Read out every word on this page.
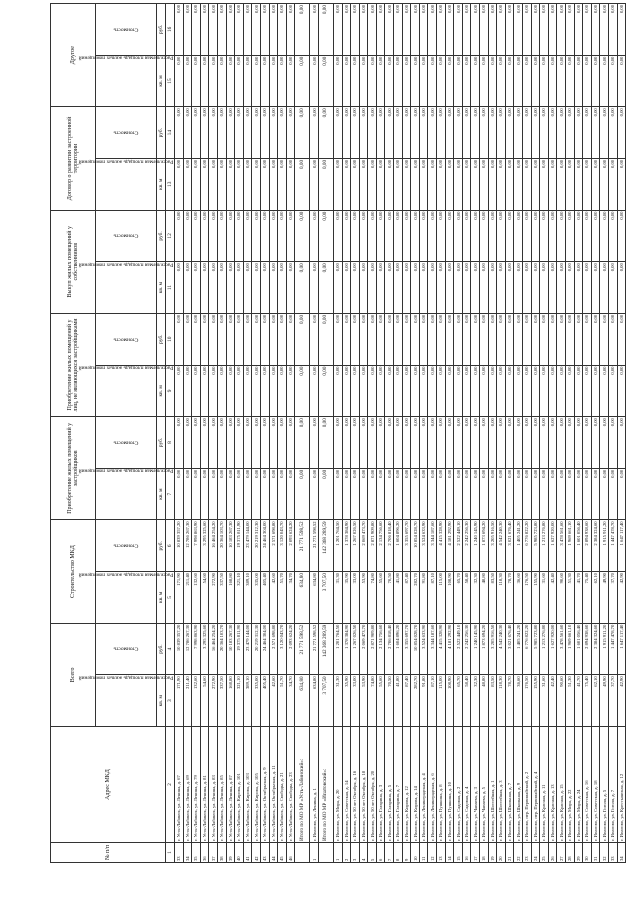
№ п/п	Адрес МКД	Всего		Строительство МКД		Приобретение жилых помещений у застройщиков		Приобретение жилых помещений у лиц, не являющихся застройщиками		Выкуп жилых помещений у собственников		Договор о развитии застроенной территории		Другое	
		Расселяемая площадь жилых помещений	Стоимость	Расселяемая площадь жилых помещений	Стоимость	Расселяемая площадь жилых помещений	Стоимость	Расселяемая площадь жилых помещений	Стоимость	Расселяемая площадь жилых помещений	Стоимость	Расселяемая площадь жилых помещений	Стоимость	Расселяемая площадь жилых помещений	Стоимость
		кв. м	руб.	кв. м	руб.	кв. м	руб.	кв. м	руб.	кв. м	руб.	кв. м	руб.	кв. м	руб.
1	2	3	4	5	6	7	8	9	10	11	12	13	14	15	16
33	г. Усть-Лабинск, ул. Ленина, д. 67	171,90	10 839 357,20	171,90	10 839 357,20	0,00	0,00	0,00	0,00	0,00	0,00	0,00	0,00	0,00	0,00
34	г. Усть-Лабинск, ул. Ленина, д. 69	211,40	12 786 267,30	211,40	12 786 267,30	0,00	0,00	0,00	0,00	0,00	0,00	0,00	0,00	0,00	0,00
35	г. Усть-Лабинск, ул. Ленина, д. 79	132,60	7 998 863,90	132,60	7 998 863,90	0,00	0,00	0,00	0,00	0,00	0,00	0,00	0,00	0,00	0,00
36	г. Усть-Лабинск, ул. Ленина, д. 81	54,60	3 295 325,60	54,60	3 295 325,60	0,00	0,00	0,00	0,00	0,00	0,00	0,00	0,00	0,00	0,00
37	г. Усть-Лабинск, ул. Ленина, д. 83	272,90	16 464 254,20	272,90	16 464 254,20	0,00	0,00	0,00	0,00	0,00	0,00	0,00	0,00	0,00	0,00
38	г. Усть-Лабинск, ул. Ленина, д. 85	337,50	20 364 103,70	337,50	20 364 103,70	0,00	0,00	0,00	0,00	0,00	0,00	0,00	0,00	0,00	0,00
39	г. Усть-Лабинск, ул. Ленина, д. 87	168,80	10 183 267,30	168,80	10 183 267,30	0,00	0,00	0,00	0,00	0,00	0,00	0,00	0,00	0,00	0,00
40	г. Усть-Лабинск, ул. Кирова, д. 101	321,10	19 375 811,90	321,10	19 375 811,90	0,00	0,00	0,00	0,00	0,00	0,00	0,00	0,00	0,00	0,00
41	г. Усть-Лабинск, ул. Кирова, д. 103	389,10	23 479 144,00	389,10	23 479 144,00	0,00	0,00	0,00	0,00	0,00	0,00	0,00	0,00	0,00	0,00
42	г. Усть-Лабинск, ул. Кирова, д. 105	335,00	20 219 312,30	335,00	20 219 312,30	0,00	0,00	0,00	0,00	0,00	0,00	0,00	0,00	0,00	0,00
43	г. Усть-Лабинск, ул. Октябрьская, д. 9	405,40	24 464 304,00	405,40	24 464 304,00	0,00	0,00	0,00	0,00	0,00	0,00	0,00	0,00	0,00	0,00
44	г. Усть-Лабинск, ул. Октябрьская, д. 11	42,60	2 571 698,80	42,60	2 571 698,80	0,00	0,00	0,00	0,00	0,00	0,00	0,00	0,00	0,00	0,00
45	г. Усть-Лабинск, ул. Свободы, д. 21	51,70	3 120 043,70	51,70	3 120 043,70	0,00	0,00	0,00	0,00	0,00	0,00	0,00	0,00	0,00	0,00
46	г. Усть-Лабинск, ул. Свободы, д. 23	34,70	2 093 624,20	34,70	2 093 624,20	0,00	0,00	0,00	0,00	0,00	0,00	0,00	0,00	0,00	0,00
	Итого по МО МР «Усть-Лабинский»:	634,80	21 771 598,52	634,80	21 771 598,52	0,00	0,00	0,00	0,00	0,00	0,00	0,00	0,00	0,00	0,00
1	г. Ипатово, ул. Ленина, д. 1	634,80	21 771 598,52	634,80	21 771 598,52	0,00	0,00	0,00	0,00	0,00	0,00	0,00	0,00	0,00	0,00
	Итого по МО МР «Ипатовский»:	3 707,50	142 368 289,59	3 707,50	142 368 289,59	0,00	0,00	0,00	0,00	0,00	0,00	0,00	0,00	0,00	0,00
1	г. Ипатово, ул. Мира, д. 20	31,30	1 201 764,50	31,30	1 201 764,50	0,00	0,00	0,00	0,00	0,00	0,00	0,00	0,00	0,00	0,00
2	г. Ипатово, ул. Советская, д. 14	35,90	1 378 384,90	35,90	1 378 384,90	0,00	0,00	0,00	0,00	0,00	0,00	0,00	0,00	0,00	0,00
3	г. Ипатово, ул. 50 лет Октября, д. 16	33,00	1 267 026,50	33,00	1 267 026,50	0,00	0,00	0,00	0,00	0,00	0,00	0,00	0,00	0,00	0,00
4	г. Ипатово, ул. 50 лет Октября, д. 18	53,90	2 069 473,70	53,90	2 069 473,70	0,00	0,00	0,00	0,00	0,00	0,00	0,00	0,00	0,00	0,00
5	г. Ипатово, ул. 50 лет Октября, д. 20	74,80	2 871 909,80	74,80	2 871 909,80	0,00	0,00	0,00	0,00	0,00	0,00	0,00	0,00	0,00	0,00
6	г. Ипатово, ул. Гагарина, д. 3	55,60	2 134 756,60	55,60	2 134 756,60	0,00	0,00	0,00	0,00	0,00	0,00	0,00	0,00	0,00	0,00
7	г. Ипатово, ул. Гагарина, д. 5	70,50	2 706 818,40	70,50	2 706 818,40	0,00	0,00	0,00	0,00	0,00	0,00	0,00	0,00	0,00	0,00
8	г. Ипатово, ул. Гагарина, д. 7	41,80	1 604 896,20	41,80	1 604 896,20	0,00	0,00	0,00	0,00	0,00	0,00	0,00	0,00	0,00	0,00
9	г. Ипатово, ул. Кирова, д. 12	87,40	3 355 697,70	87,40	3 355 697,70	0,00	0,00	0,00	0,00	0,00	0,00	0,00	0,00	0,00	0,00
10	г. Ипатово, ул. Кирова, д. 14	282,70	10 854 028,70	282,70	10 854 028,70	0,00	0,00	0,00	0,00	0,00	0,00	0,00	0,00	0,00	0,00
11	г. Ипатово, ул. Ленинградская, д. 4	91,80	3 524 633,90	91,80	3 524 633,90	0,00	0,00	0,00	0,00	0,00	0,00	0,00	0,00	0,00	0,00
12	г. Ипатово, ул. Ленинградская, д. 6	87,10	3 344 187,60	87,10	3 344 187,60	0,00	0,00	0,00	0,00	0,00	0,00	0,00	0,00	0,00	0,00
13	г. Ипатово, ул. Пушкина, д. 8	115,00	4 415 328,90	115,00	4 415 328,90	0,00	0,00	0,00	0,00	0,00	0,00	0,00	0,00	0,00	0,00
14	г. Ипатово, ул. Пушкина, д. 10	108,90	4 181 292,90	108,90	4 181 292,90	0,00	0,00	0,00	0,00	0,00	0,00	0,00	0,00	0,00	0,00
15	г. Ипатово, ул. Садовая, д. 2	65,70	2 522 449,10	65,70	2 522 449,10	0,00	0,00	0,00	0,00	0,00	0,00	0,00	0,00	0,00	0,00
16	г. Ипатово, ул. Садовая, д. 4	58,40	2 242 256,30	58,40	2 242 256,30	0,00	0,00	0,00	0,00	0,00	0,00	0,00	0,00	0,00	0,00
17	г. Ипатово, ул. Чапаева, д. 3	32,30	1 240 145,90	32,30	1 240 145,90	0,00	0,00	0,00	0,00	0,00	0,00	0,00	0,00	0,00	0,00
18	г. Ипатово, ул. Чапаева, д. 5	48,80	1 873 694,20	48,80	1 873 694,20	0,00	0,00	0,00	0,00	0,00	0,00	0,00	0,00	0,00	0,00
19	г. Ипатово, ул. Шоссейная, д. 1	83,50	3 205 916,50	83,50	3 205 916,50	0,00	0,00	0,00	0,00	0,00	0,00	0,00	0,00	0,00	0,00
20	г. Ипатово, ул. Шоссейная, д. 3	118,30	4 542 240,30	118,30	4 542 240,30	0,00	0,00	0,00	0,00	0,00	0,00	0,00	0,00	0,00	0,00
21	г. Ипатово, ул. Школьная, д. 7	78,70	3 021 676,40	78,70	3 021 676,40	0,00	0,00	0,00	0,00	0,00	0,00	0,00	0,00	0,00	0,00
22	г. Ипатово, ул. Школьная, д. 9	36,60	1 405 241,20	36,60	1 405 241,20	0,00	0,00	0,00	0,00	0,00	0,00	0,00	0,00	0,00	0,00
23	г. Ипатово, пер. Первомайский, д. 2	176,50	6 776 822,20	176,50	6 776 822,20	0,00	0,00	0,00	0,00	0,00	0,00	0,00	0,00	0,00	0,00
24	г. Ипатово, пер. Первомайский, д. 4	155,90	5 985 723,80	155,90	5 985 723,80	0,00	0,00	0,00	0,00	0,00	0,00	0,00	0,00	0,00	0,00
25	г. Ипатово, ул. Красная, д. 11	31,60	1 213 276,80	31,60	1 213 276,80	0,00	0,00	0,00	0,00	0,00	0,00	0,00	0,00	0,00	0,00
26	г. Ипатово, ул. Красная, д. 13	42,40	1 627 920,00	42,40	1 627 920,00	0,00	0,00	0,00	0,00	0,00	0,00	0,00	0,00	0,00	0,00
27	г. Ипатово, ул. Красная, д. 15	90,60	3 478 561,60	90,60	3 478 561,60	0,00	0,00	0,00	0,00	0,00	0,00	0,00	0,00	0,00	0,00
28	г. Ипатово, ул. Мира, д. 22	51,30	1 969 661,10	51,30	1 969 661,10	0,00	0,00	0,00	0,00	0,00	0,00	0,00	0,00	0,00	0,00
29	г. Ипатово, ул. Мира, д. 24	41,70	1 601 056,40	41,70	1 601 056,40	0,00	0,00	0,00	0,00	0,00	0,00	0,00	0,00	0,00	0,00
30	г. Ипатово, ул. Советская, д. 16	75,40	2 894 938,60	75,40	2 894 938,60	0,00	0,00	0,00	0,00	0,00	0,00	0,00	0,00	0,00	0,00
31	г. Ипатово, ул. Советская, д. 18	62,10	2 384 324,60	62,10	2 384 324,60	0,00	0,00	0,00	0,00	0,00	0,00	0,00	0,00	0,00	0,00
32	г. Ипатово, ул. Гоголя, д. 5	49,90	1 915 911,20	49,90	1 915 911,20	0,00	0,00	0,00	0,00	0,00	0,00	0,00	0,00	0,00	0,00
33	г. Ипатово, ул. Гоголя, д. 7	37,70	1 447 478,70	37,70	1 447 478,70	0,00	0,00	0,00	0,00	0,00	0,00	0,00	0,00	0,00	0,00
34	г. Ипатово, ул. Крестьянская, д. 12	42,90	1 647 117,40	42,90	1 647 117,40	0,00	0,00	0,00	0,00	0,00	0,00	0,00	0,00	0,00	0,00
